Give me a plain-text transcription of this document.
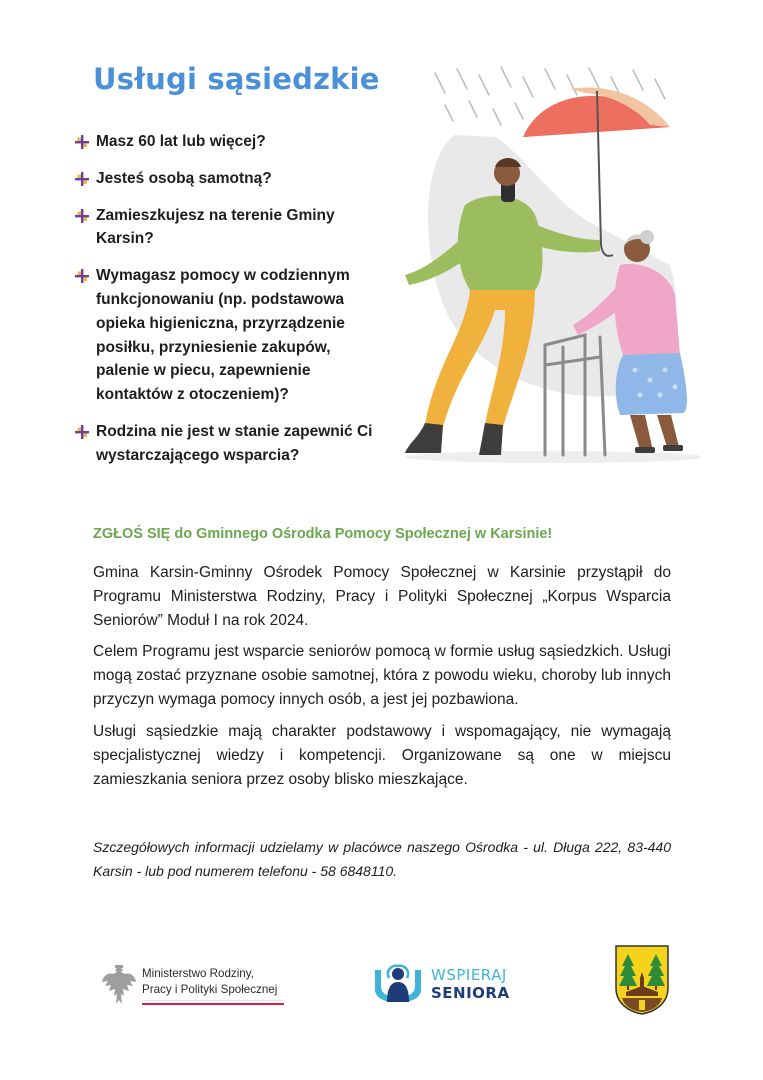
Usługi sąsiedzkie
Masz 60 lat lub więcej?
Jesteś osobą samotną?
Zamieszkujesz na terenie Gminy Karsin?
Wymagasz pomocy w codziennym funkcjonowaniu (np. podstawowa opieka higieniczna, przyrządzenie posiłku, przyniesienie zakupów, palenie w piecu, zapewnienie kontaktów z otoczeniem)?
Rodzina nie jest w stanie zapewnić Ci wystarczającego wsparcia?

ZGŁOŚ SIĘ do Gminnego Ośrodka Pomocy Społecznej w Karsinie!

Gmina Karsin-Gminny Ośrodek Pomocy Społecznej w Karsinie przystąpił do Programu Ministerstwa Rodziny, Pracy i Polityki Społecznej „Korpus Wsparcia Seniorów” Moduł I na rok 2024.

Celem Programu jest wsparcie seniorów pomocą w formie usług sąsiedzkich. Usługi mogą zostać przyznane osobie samotnej, która z powodu wieku, choroby lub innych przyczyn wymaga pomocy innych osób, a jest jej pozbawiona.

Usługi sąsiedzkie mają charakter podstawowy i wspomagający, nie wymagają specjalistycznej wiedzy i kompetencji. Organizowane są one w miejscu zamieszkania seniora przez osoby blisko mieszkające.

Szczegółowych informacji udzielamy w placówce naszego Ośrodka - ul. Długa 222, 83-440 Karsin - lub pod numerem telefonu - 58 6848110.

Ministerstwo Rodziny,
Pracy i Polityki Społecznej
WSPIERAJ
SENIORA
